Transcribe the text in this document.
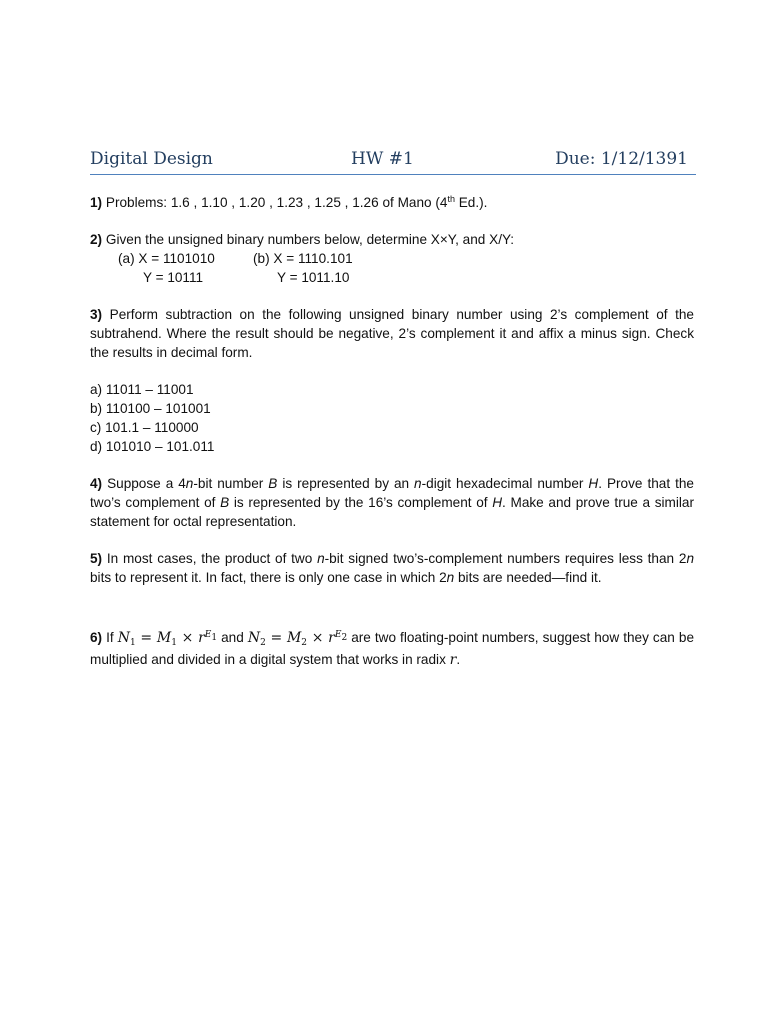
Digital Design	HW #1	Due: 1/12/1391
1) Problems: 1.6 , 1.10 , 1.20 , 1.23 , 1.25 , 1.26 of Mano (4th Ed.).
2) Given the unsigned binary numbers below, determine X×Y, and X/Y:
(a) X = 1101010	(b) X = 1110.101
Y = 10111	Y = 1011.10

3) Perform subtraction on the following unsigned binary number using 2’s complement of the subtrahend. Where the result should be negative, 2’s complement it and affix a minus sign. Check the results in decimal form.

a) 11011 – 11001
b) 110100 – 101001
c) 101.1 – 110000
d) 101010 – 101.011

4) Suppose a 4n-bit number B is represented by an n-digit hexadecimal number H. Prove that the two’s complement of B is represented by the 16’s complement of H. Make and prove true a similar statement for octal representation.

5) In most cases, the product of two n-bit signed two’s-complement numbers requires less than 2n bits to represent it. In fact, there is only one case in which 2n bits are needed—find it.

6) If $N_1 = M_1 \times r^{E_1}$ and $N_2 = M_2 \times r^{E_2}$ are two floating-point numbers, suggest how they can be multiplied and divided in a digital system that works in radix r.
